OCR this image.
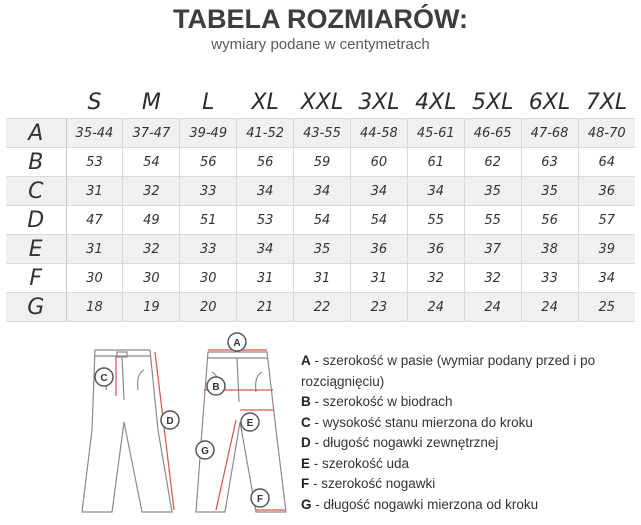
TABELA ROZMIARÓW:
wymiary podane w centymetrach
	S	M	L	XL	XXL	3XL	4XL	5XL	6XL	7XL
A	35-44	37-47	39-49	41-52	43-55	44-58	45-61	46-65	47-68	48-70
B	53	54	56	56	59	60	61	62	63	64
C	31	32	33	34	34	34	34	35	35	36
D	47	49	51	53	54	54	55	55	56	57
E	31	32	33	34	35	36	36	37	38	39
F	30	30	30	31	31	31	32	32	33	34
G	18	19	20	21	22	23	24	24	24	25
C
D
A
B
E
G
F
A - szerokość w pasie (wymiar podany przed i po rozciągnięciu)
B - szerokość w biodrach
C - wysokość stanu mierzona do kroku
D - długość nogawki zewnętrznej
E - szerokość uda
F - szerokość nogawki
G - długość nogawki mierzona od kroku
